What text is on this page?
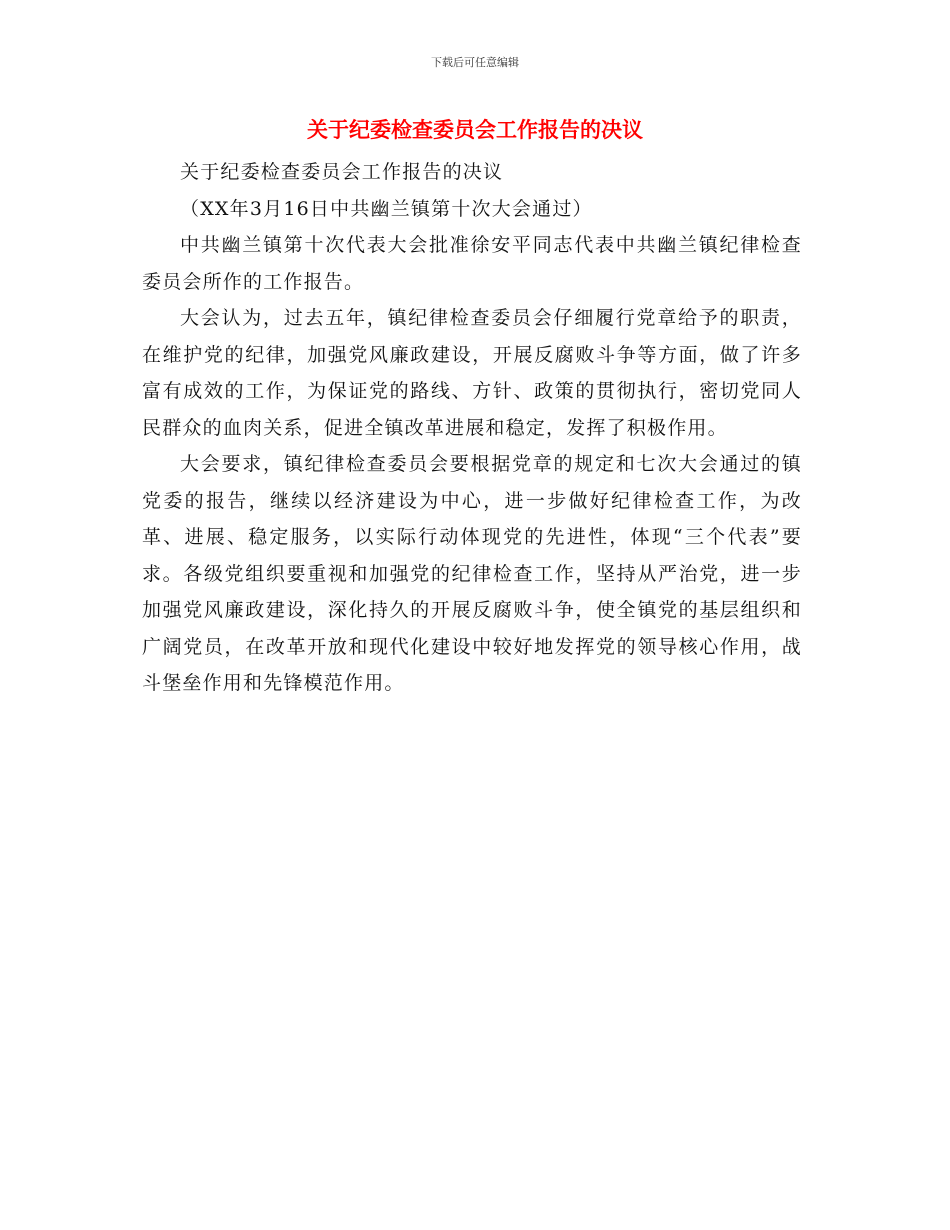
下载后可任意编辑
关于纪委检查委员会工作报告的决议

关于纪委检查委员会工作报告的决议

（XX年3月16日中共幽兰镇第十次大会通过）

中共幽兰镇第十次代表大会批准徐安平同志代表中共幽兰镇纪律检查委员会所作的工作报告。

大会认为，过去五年，镇纪律检查委员会仔细履行党章给予的职责，在维护党的纪律，加强党风廉政建设，开展反腐败斗争等方面，做了许多富有成效的工作，为保证党的路线、方针、政策的贯彻执行，密切党同人民群众的血肉关系，促进全镇改革进展和稳定，发挥了积极作用。

大会要求，镇纪律检查委员会要根据党章的规定和七次大会通过的镇党委的报告，继续以经济建设为中心，进一步做好纪律检查工作，为改革、进展、稳定服务，以实际行动体现党的先进性，体现“三个代表”要求。各级党组织要重视和加强党的纪律检查工作，坚持从严治党，进一步加强党风廉政建设，深化持久的开展反腐败斗争，使全镇党的基层组织和广阔党员，在改革开放和现代化建设中较好地发挥党的领导核心作用，战斗堡垒作用和先锋模范作用。
